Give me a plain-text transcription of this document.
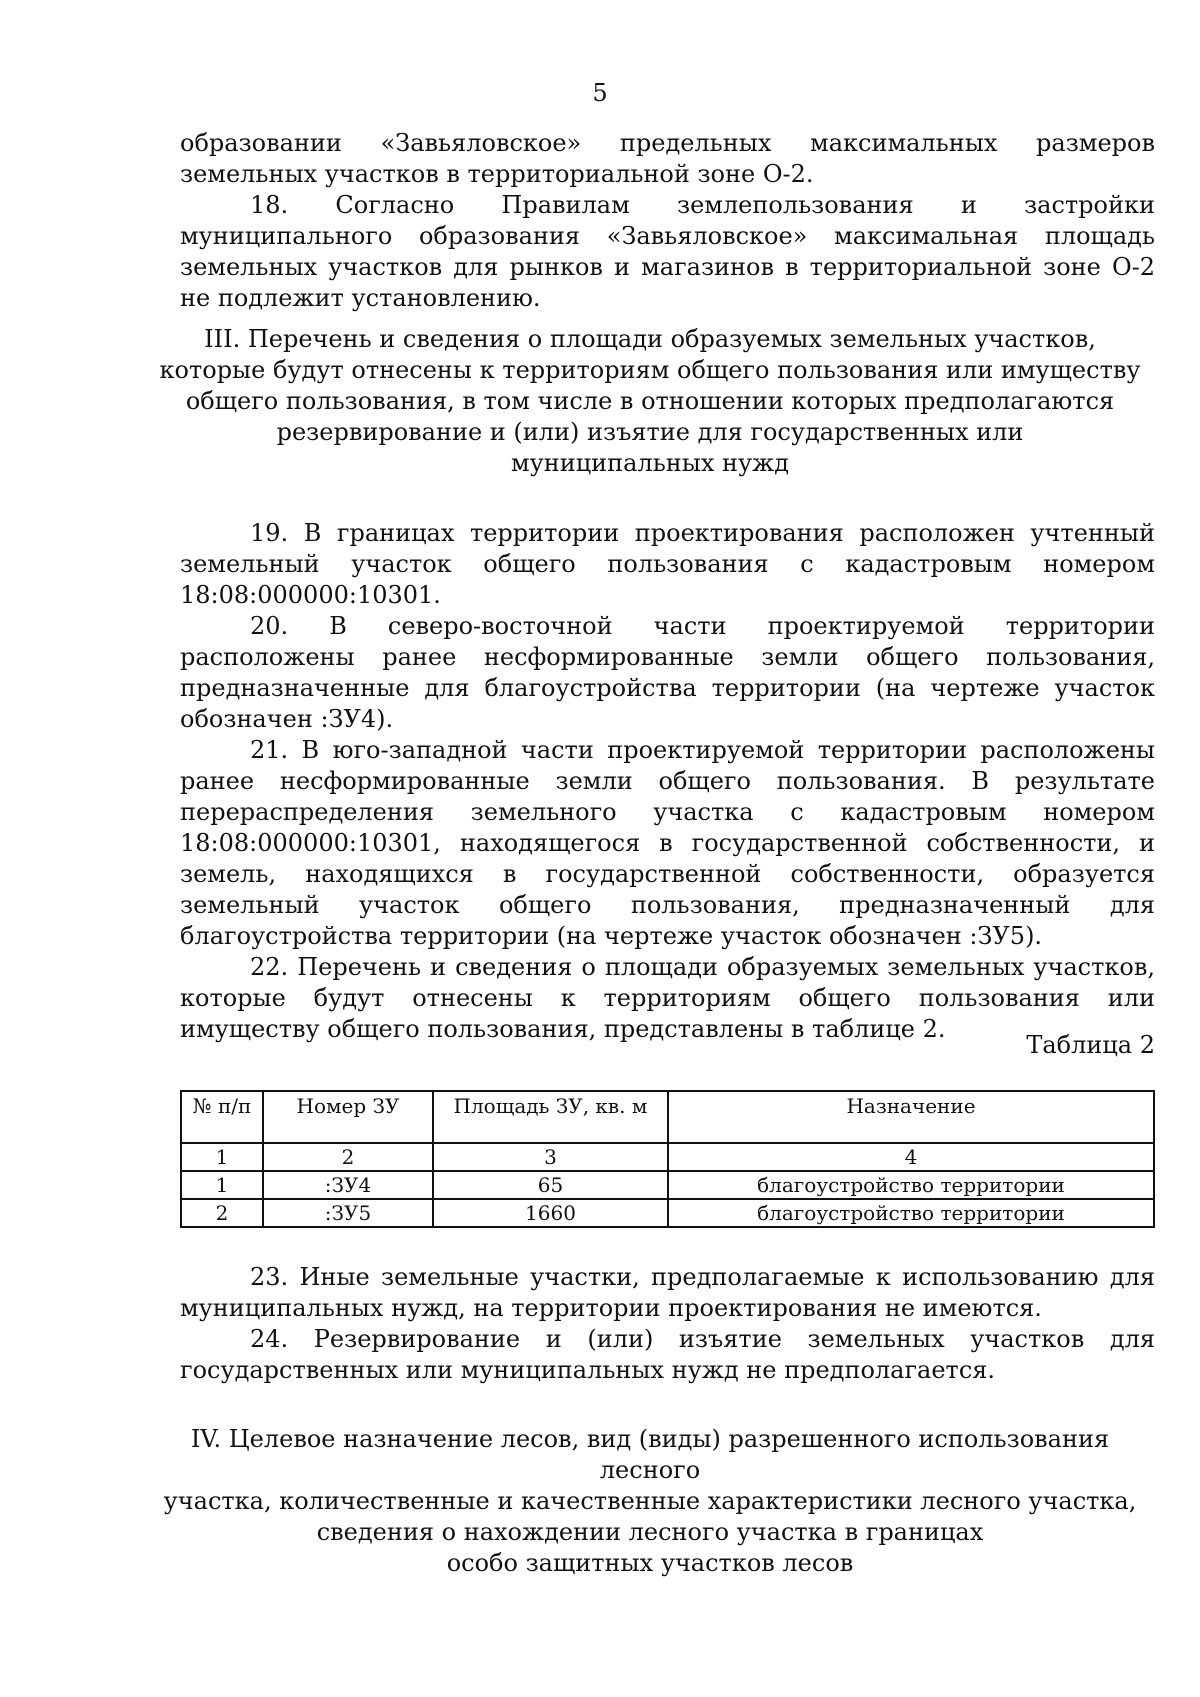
5

образовании «Завьяловское» предельных максимальных размеров земельных участков в территориальной зоне О-2.

18. Согласно Правилам землепользования и застройки муниципального образования «Завьяловское» максимальная площадь земельных участков для рынков и магазинов в территориальной зоне О-2 не подлежит установлению.

III. Перечень и сведения о площади образуемых земельных участков,

которые будут отнесены к территориям общего пользования или имуществу

общего пользования, в том числе в отношении которых предполагаются

резервирование и (или) изъятие для государственных или

муниципальных нужд

19. В границах территории проектирования расположен учтенный земельный участок общего пользования с кадастровым номером 18:08:000000:10301.

20. В северо-восточной части проектируемой территории расположены ранее несформированные земли общего пользования, предназначенные для благоустройства территории (на чертеже участок обозначен :ЗУ4).

21. В юго-западной части проектируемой территории расположены ранее несформированные земли общего пользования. В результате перераспределения земельного участка с кадастровым номером 18:08:000000:10301, находящегося в государственной собственности, и земель, находящихся в государственной собственности, образуется земельный участок общего пользования, предназначенный для благоустройства территории (на чертеже участок обозначен :ЗУ5).

22. Перечень и сведения о площади образуемых земельных участков, которые будут отнесены к территориям общего пользования или имуществу общего пользования, представлены в таблице 2.

Таблица 2
№ п/п	Номер ЗУ	Площадь ЗУ, кв. м	Назначение
1	2	3	4
1	:ЗУ4	65	благоустройство территории
2	:ЗУ5	1660	благоустройство территории

23. Иные земельные участки, предполагаемые к использованию для муниципальных нужд, на территории проектирования не имеются.

24. Резервирование и (или) изъятие земельных участков для государственных или муниципальных нужд не предполагается.

IV. Целевое назначение лесов, вид (виды) разрешенного использования лесного

участка, количественные и качественные характеристики лесного участка,

сведения о нахождении лесного участка в границах

особо защитных участков лесов
